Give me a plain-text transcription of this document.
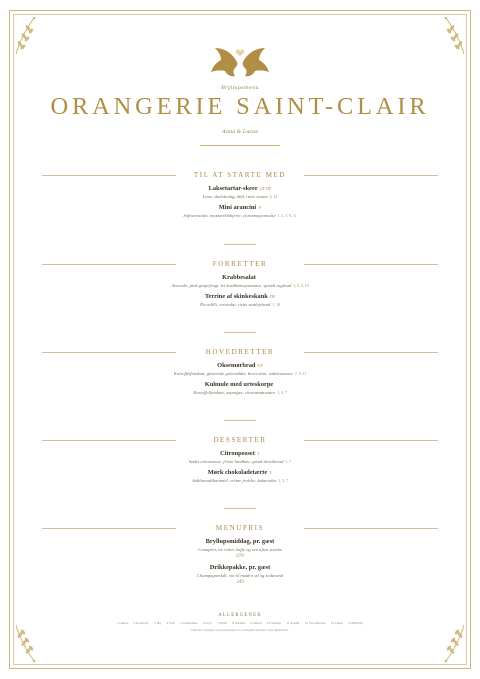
Bryllupsmenu
ORANGERIE SAINT-CLAIR
Anna & Lucas
TIL AT STARTE MED
Laksetartar-skeer GF DF
Lime, skalotteløg, dild, rørte sesam 4, 13
Mini arancini V
Safranrisotto, mozzarellahjerte, citronmayonnaise 1, 3, 5, 9, 11
FORRETTER
Krabbesalat
Avocado, pink grapefrugt, let krabbemayonnaise, sprødt rugbrød 1, 2, 3, 10
Terrine af skinkeskank DF
Piccalilli, urtesalat, ristet surdejsbrød 1, 10
HOVEDRETTER
Oksemørbrad GF
Kartoffelfondant, glaserede gulerødder, broccolini, rødvinssauce 7, 9, 11
Kulmule med urteskorpe
Kartoffelfondant, asparges, citronsmørsauce 1, 4, 7
DESSERTER
Citronposset V
Sødet citronsovse, friske hindbær, sprød shortbread 1, 7
Mørk chokoladetærte V
Salthavsaltkaramel, crème fraîche, kakaonibs 1, 3, 7
MENUPRIS
Bryllupsmiddag, pr. gæst
Canapéer, tre retter, kaffe og sen aften snacks
670
Drikkepakke, pr. gæst
Champagneskål, vin til maden, øl og sodavand
349
ALLERGENER
1 Gluten 2 Krebsdyr 3 Æg 4 Fisk 5 Jordnødder 6 Soja 7 Mælk 8 Nødder 9 Selleri 10 Sennep 11 Sesam 12 Svovldioxid 13 Lupin 14 Bløddyr
Informér venligst vores personale om eventuelle allergier eller diætbehov.
